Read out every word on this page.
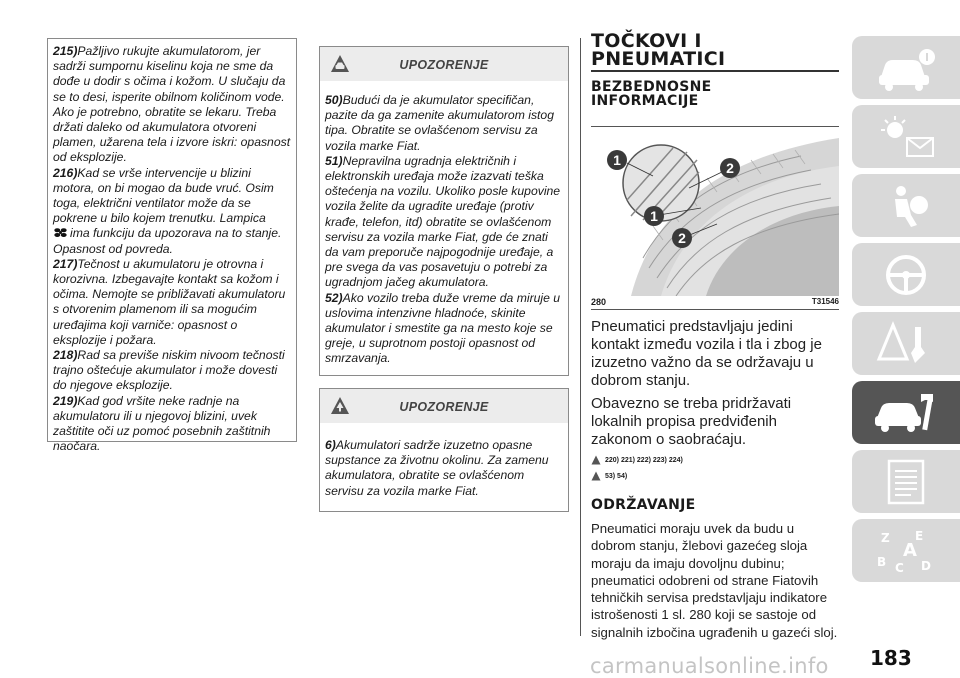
215)Pažljivo rukujte akumulatorom, jer sadrži sumpornu kiselinu koja ne sme da dođe u dodir s očima i kožom. U slučaju da se to desi, isperite obilnom količinom vode. Ako je potrebno, obratite se lekaru. Treba držati daleko od akumulatora otvoreni plamen, užarena tela i izvore iskri: opasnost od eksplozije.

216)Kad se vrše intervencije u blizini motora, on bi mogao da bude vruć. Osim toga, električni ventilator može da se pokrene u bilo kojem trenutku. Lampica
ima funkciju da upozorava na to stanje. Opasnost od povreda.

217)Tečnost u akumulatoru je otrovna i korozivna. Izbegavajte kontakt sa kožom i očima. Nemojte se približavati akumulatoru s otvorenim plamenom ili sa mogućim uređajima koji varniče: opasnost o eksplozije i požara.

218)Rad sa previše niskim nivoom tečnosti trajno oštećuje akumulator i može dovesti do njegove eksplozije.

219)Kad god vršite neke radnje na akumulatoru ili u njegovoj blizini, uvek zaštitite oči uz pomoć posebnih zaštitnih naočara.

UPOZORENJE

50)Budući da je akumulator specifičan, pazite da ga zamenite akumulatorom istog tipa. Obratite se ovlašćenom servisu za vozila marke Fiat.

51)Nepravilna ugradnja električnih i elektronskih uređaja može izazvati teška oštećenja na vozilu. Ukoliko posle kupovine vozila želite da ugradite uređaje (protiv krađe, telefon, itd) obratite se ovlašćenom servisu za vozila marke Fiat, gde će znati da vam preporuče najpogodnije uređaje, a pre svega da vas posavetuju o potrebi za ugradnjom jačeg akumulatora.

52)Ako vozilo treba duže vreme da miruje u uslovima intenzivne hladnoće, skinite akumulator i smestite ga na mesto koje se greje, u suprotnom postoji opasnost od smrzavanja.

UPOZORENJE

6)Akumulatori sadrže izuzetno opasne supstance za životnu okolinu. Za zamenu akumulatora, obratite se ovlašćenom servisu za vozila marke Fiat.

TOČKOVI I
PNEUMATICI
BEZBEDNOSNE
INFORMACIJE
1	2
1
2
280	T31546

Pneumatici predstavljaju jedini kontakt između vozila i tla i zbog je izuzetno važno da se održavaju u dobrom stanju.

Obavezno se treba pridržavati lokalnih propisa predviđenih zakonom o saobraćaju.

220) 221) 222) 223) 224)
53) 54)
ODRŽAVANJE

Pneumatici moraju uvek da budu u dobrom stanju, žlebovi gazećeg sloja moraju da imaju dovoljnu dubinu; pneumatici odobreni od strane Fiatovih tehničkih servisa predstavljaju indikatore istrošenosti 1 sl. 280 koji se sastoje od signalnih izbočina ugrađenih u gazeći sloj.

Z E
B C D
A
carmanualsonline.info 183
